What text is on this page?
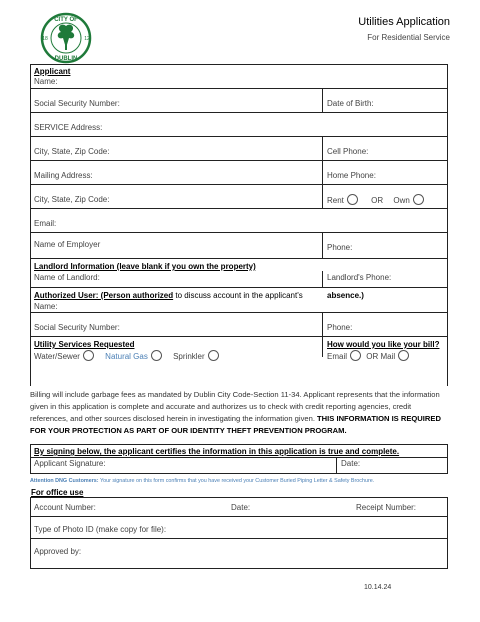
CITY OF
DUBLIN
18	12
Utilities Application
For Residential Service
Applicant
Name:
Social Security Number:	Date of Birth:
SERVICE Address:
City, State, Zip Code:	Cell Phone:
Mailing Address:	Home Phone:
City, State, Zip Code:	Rent	OR Own
Email:
Name of Employer	Phone:
Landlord Information (leave blank if you own the property)
Name of Landlord:	Landlord's Phone:
Authorized User: (Person authorized to discuss account in the applicant's	absence.)
Name:
Social Security Number:	Phone:
Utility Services Requested	How would you like your bill?
Water/Sewer	Natural Gas	Sprinkler	Email OR Mail
Billing will include garbage fees as mandated by Dublin City Code-Section 11-34. Applicant represents that the information given in this application is complete and accurate and authorizes us to check with credit reporting agencies, credit references, and other sources disclosed herein in investigating the information given. THIS INFORMATION IS REQUIRED FOR YOUR PROTECTION AS PART OF OUR IDENTITY THEFT PREVENTION PROGRAM.
By signing below, the applicant certifies the information in this application is true and complete.
Applicant Signature:	Date:
Attention DNG Customers: Your signature on this form confirms that you have received your Customer Buried Piping Letter & Safety Brochure.
For office use
Account Number:	Date:	Receipt Number:
Type of Photo ID (make copy for file):
Approved by:
10.14.24
